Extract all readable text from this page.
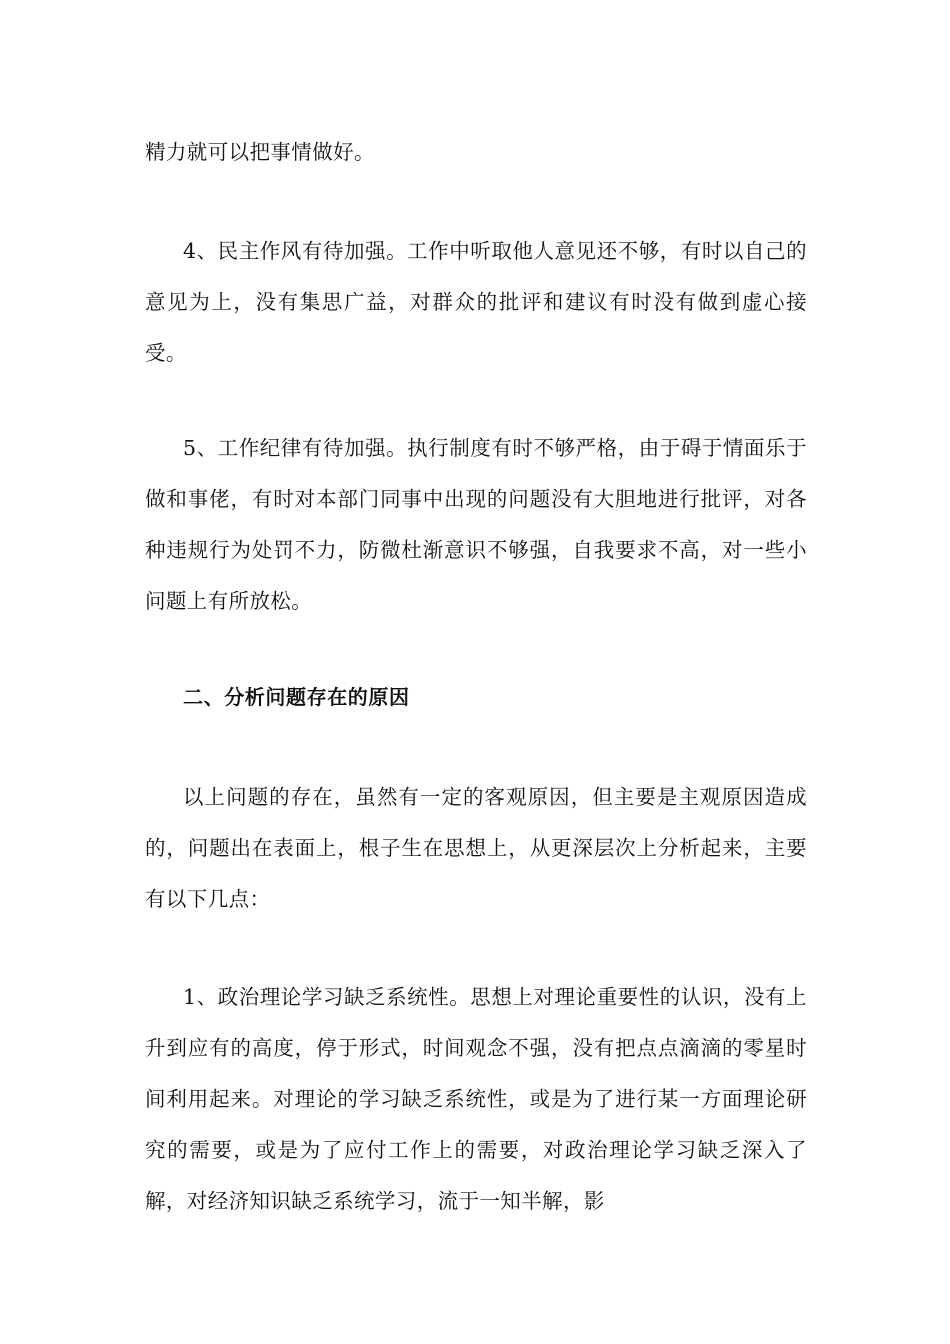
精力就可以把事情做好。
4、民主作风有待加强。工作中听取他人意见还不够，有时以自己的意见为上，没有集思广益，对群众的批评和建议有时没有做到虚心接受。
5、工作纪律有待加强。执行制度有时不够严格，由于碍于情面乐于做和事佬，有时对本部门同事中出现的问题没有大胆地进行批评，对各种违规行为处罚不力，防微杜渐意识不够强，自我要求不高，对一些小问题上有所放松。
二、分析问题存在的原因
以上问题的存在，虽然有一定的客观原因，但主要是主观原因造成的，问题出在表面上，根子生在思想上，从更深层次上分析起来，主要有以下几点：
1、政治理论学习缺乏系统性。思想上对理论重要性的认识，没有上升到应有的高度，停于形式，时间观念不强，没有把点点滴滴的零星时间利用起来。对理论的学习缺乏系统性，或是为了进行某一方面理论研究的需要，或是为了应付工作上的需要，对政治理论学习缺乏深入了解，对经济知识缺乏系统学习，流于一知半解，影
